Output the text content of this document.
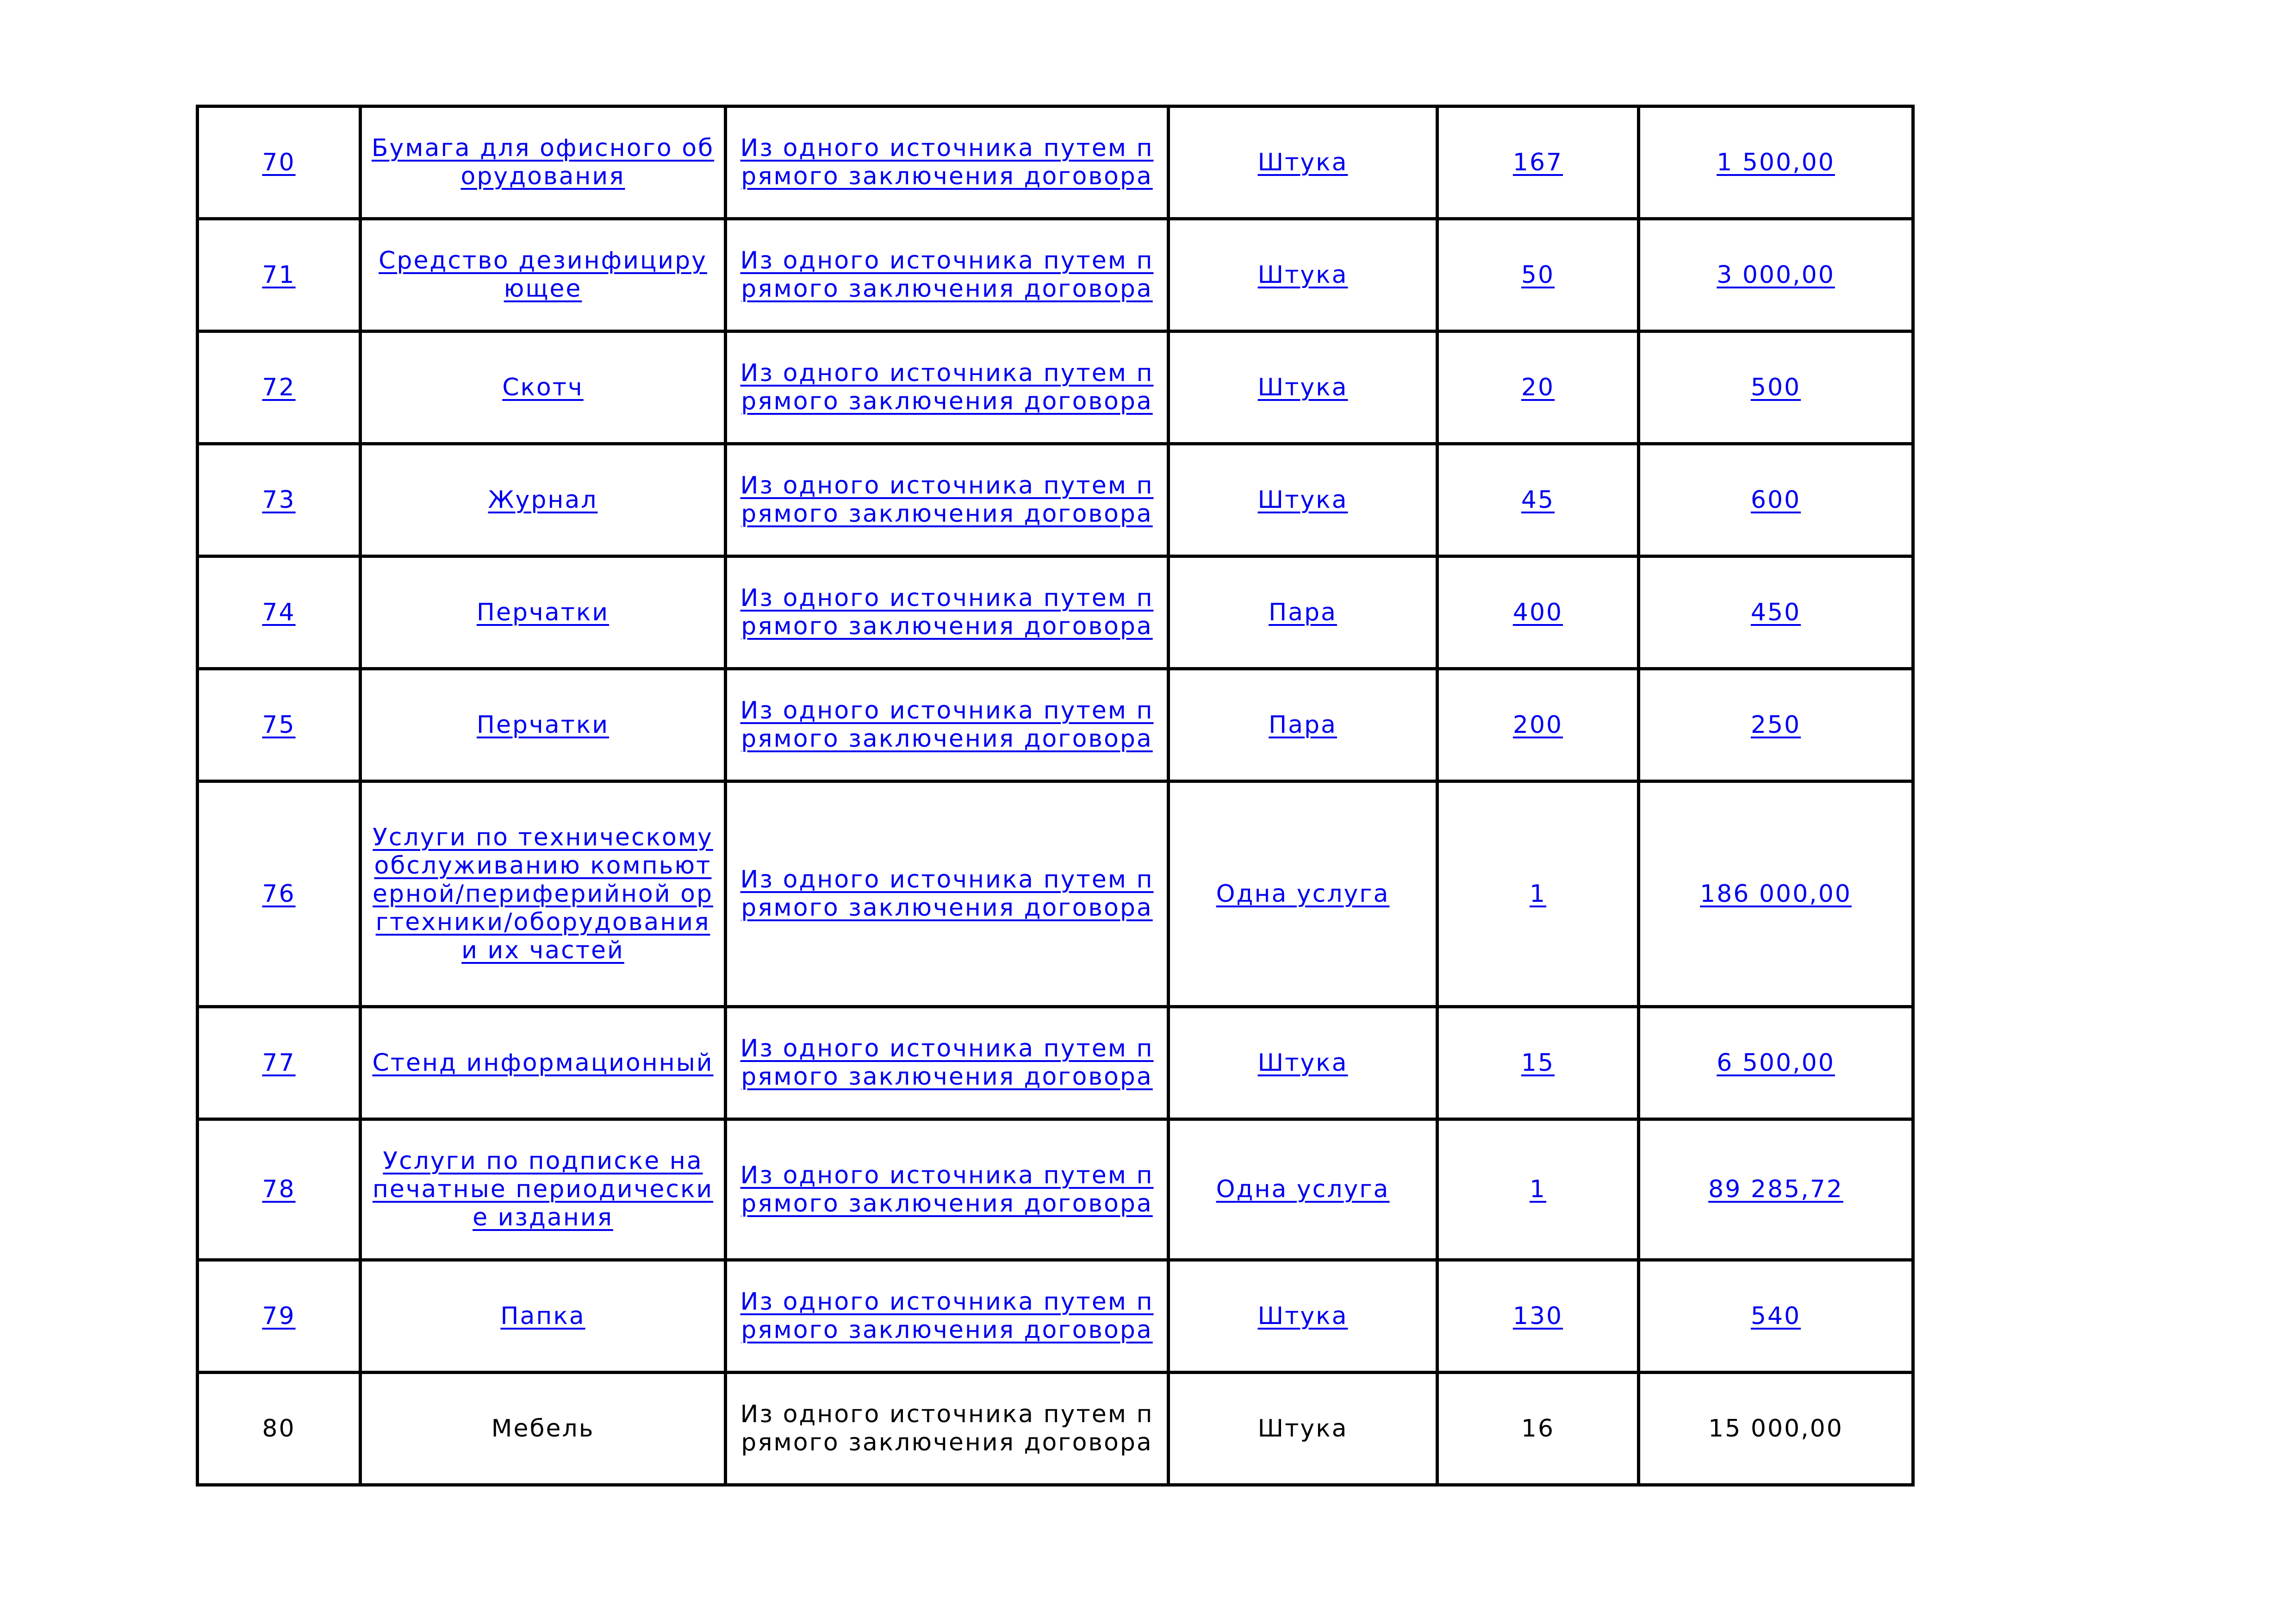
70	Бумага для офисного оборудования	Из одного источника путем прямого заключения договора	Штука	167	1 500,00
71	Средство дезинфицирующее	Из одного источника путем прямого заключения договора	Штука	50	3 000,00
72	Скотч	Из одного источника путем прямого заключения договора	Штука	20	500
73	Журнал	Из одного источника путем прямого заключения договора	Штука	45	600
74	Перчатки	Из одного источника путем прямого заключения договора	Пара	400	450
75	Перчатки	Из одного источника путем прямого заключения договора	Пара	200	250
76	Услуги по техническому обслуживанию компьютерной/периферийной оргтехники/оборудования и их частей	Из одного источника путем прямого заключения договора	Одна услуга	1	186 000,00
77	Стенд информационный	Из одного источника путем прямого заключения договора	Штука	15	6 500,00
78	Услуги по подписке на печатные периодические издания	Из одного источника путем прямого заключения договора	Одна услуга	1	89 285,72
79	Папка	Из одного источника путем прямого заключения договора	Штука	130	540
80	Мебель	Из одного источника путем прямого заключения договора	Штука	16	15 000,00
